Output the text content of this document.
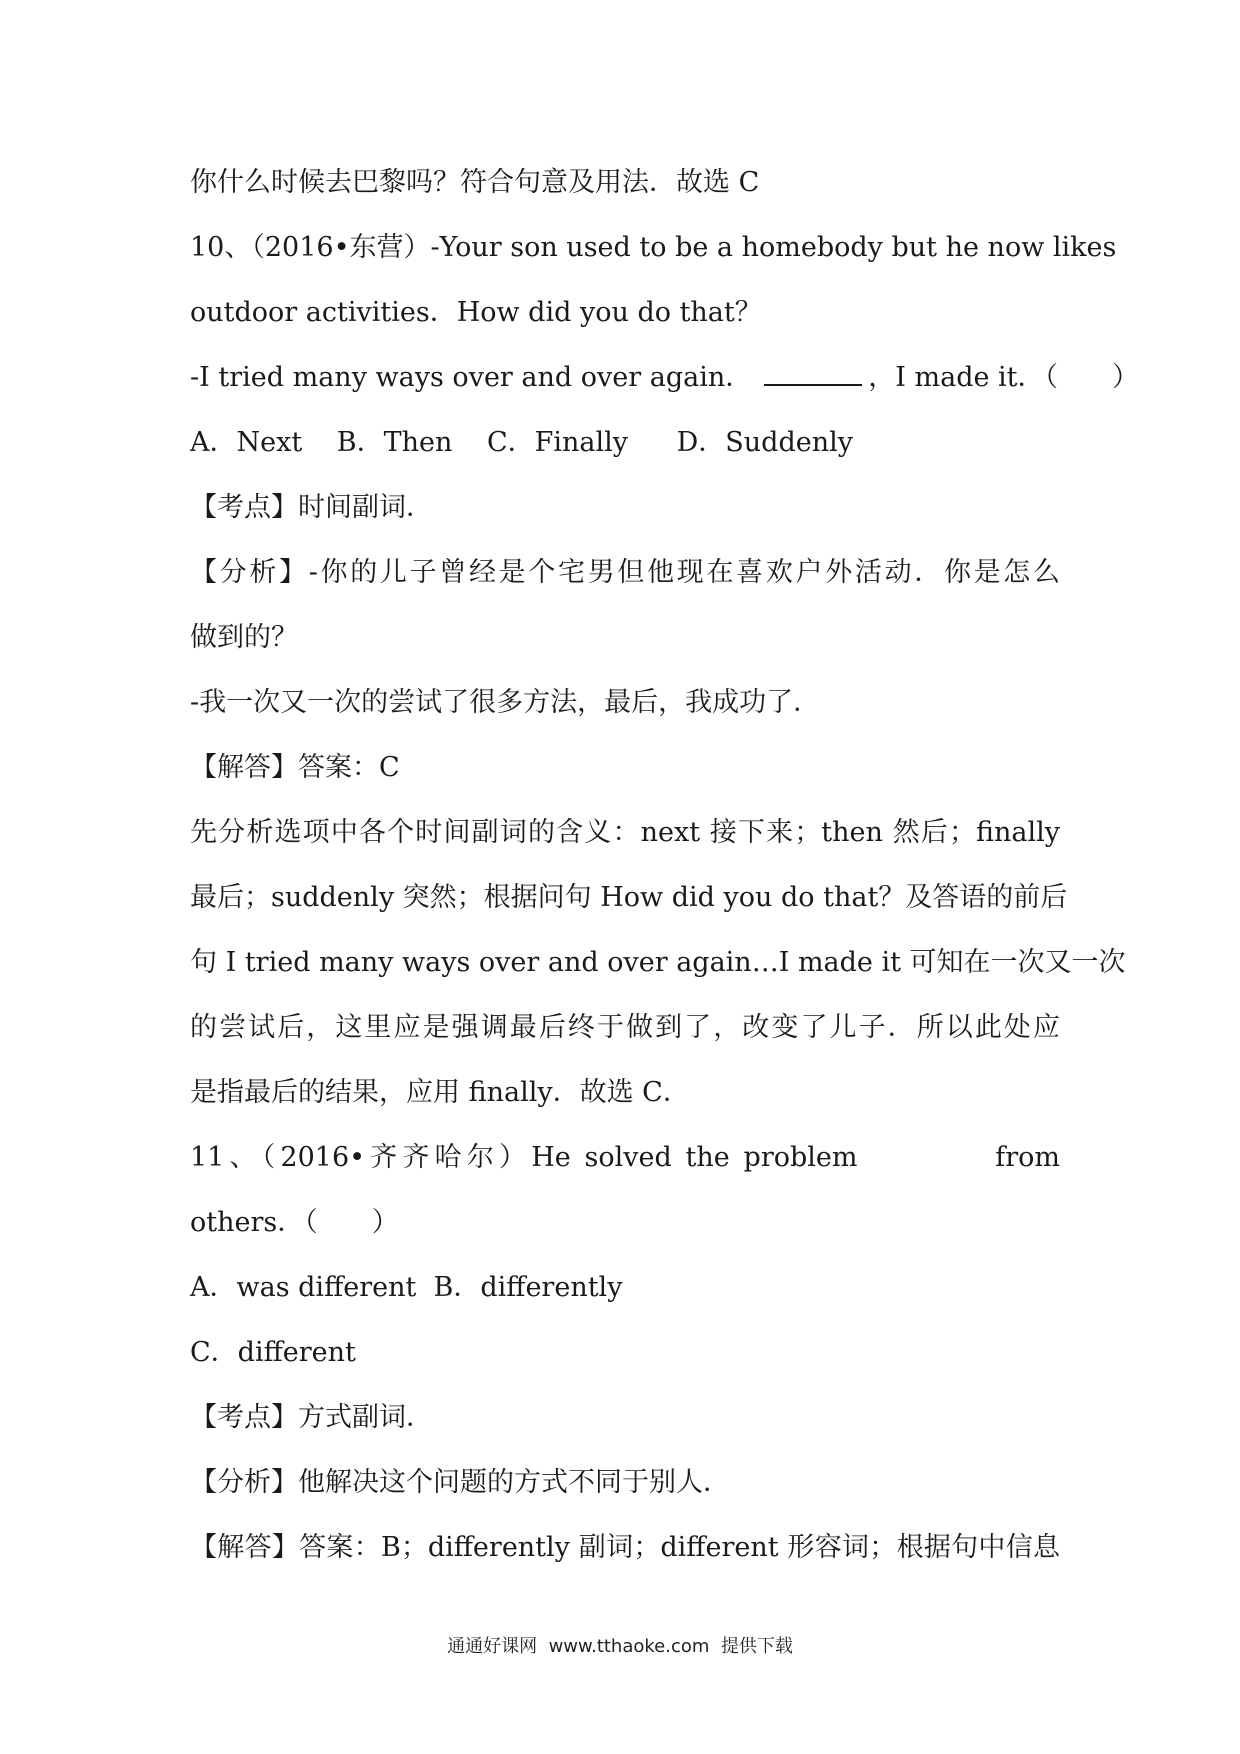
你什么时候去巴黎吗？符合句意及用法．故选 C
10、（2016•东营）-Your son used to be a homebody but he now likes
outdoor activities．How did you do that？
-I tried many ways over and over again．	，I made it．（　　）
A．Next B．Then C．Finally D．Suddenly
【考点】时间副词．
【分析】-你的儿子曾经是个宅男但他现在喜欢户外活动．你是怎么
做到的？
-我一次又一次的尝试了很多方法，最后，我成功了．
【解答】答案：C
先分析选项中各个时间副词的含义：next 接下来；then 然后；finally
最后；suddenly 突然；根据问句 How did you do that？及答语的前后
句 I tried many ways over and over again…I made it 可知在一次又一次
的尝试后，这里应是强调最后终于做到了，改变了儿子．所以此处应
是指最后的结果，应用 finally．故选 C．
11、（2016•齐齐哈尔）He solved the problem          from
others．（　　）
A．was different  B．differently
C．different
【考点】方式副词．
【分析】他解决这个问题的方式不同于别人．
【解答】答案：B；differently 副词；different 形容词；根据句中信息
通通好课网  www.tthaoke.com  提供下载
